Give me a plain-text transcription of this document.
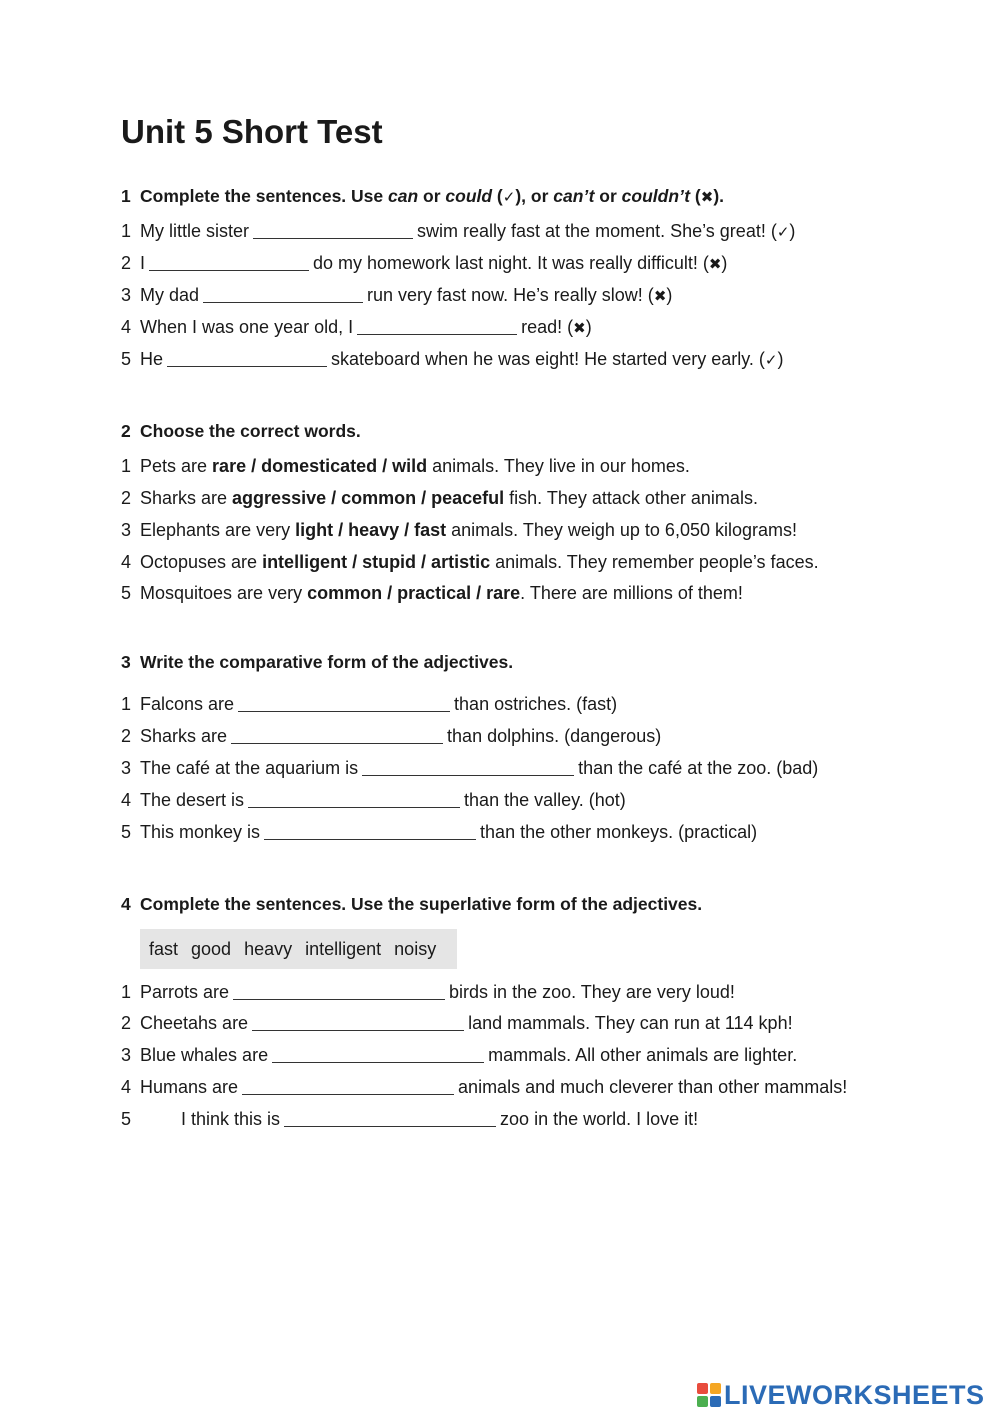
Unit 5 Short Test
1 Complete the sentences. Use can or could (✓), or can’t or couldn’t (✖).
1 My little sister	swim really fast at the moment. She’s great! (✓)
2 I	do my homework last night. It was really difficult! (✖)
3 My dad	run very fast now. He’s really slow! (✖)
4 When I was one year old, I	read! (✖)
5 He	skateboard when he was eight! He started very early. (✓)
2 Choose the correct words.
1 Pets are rare / domesticated / wild animals. They live in our homes.
2 Sharks are aggressive / common / peaceful fish. They attack other animals.
3 Elephants are very light / heavy / fast animals. They weigh up to 6,050 kilograms!
4 Octopuses are intelligent / stupid / artistic animals. They remember people’s faces.
5 Mosquitoes are very common / practical / rare. There are millions of them!
3 Write the comparative form of the adjectives.
1 Falcons are	than ostriches. (fast)
2 Sharks are	than dolphins. (dangerous)
3 The café at the aquarium is	than the café at the zoo. (bad)
4 The desert is	than the valley. (hot)
5 This monkey is	than the other monkeys. (practical)
4 Complete the sentences. Use the superlative form of the adjectives.
fast good heavy intelligent noisy
1 Parrots are	birds in the zoo. They are very loud!
2 Cheetahs are	land mammals. They can run at 114 kph!
3 Blue whales are	mammals. All other animals are lighter.
4 Humans are	animals and much cleverer than other mammals!
5	I think this is	zoo in the world. I love it!
LIVEWORKSHEETS
